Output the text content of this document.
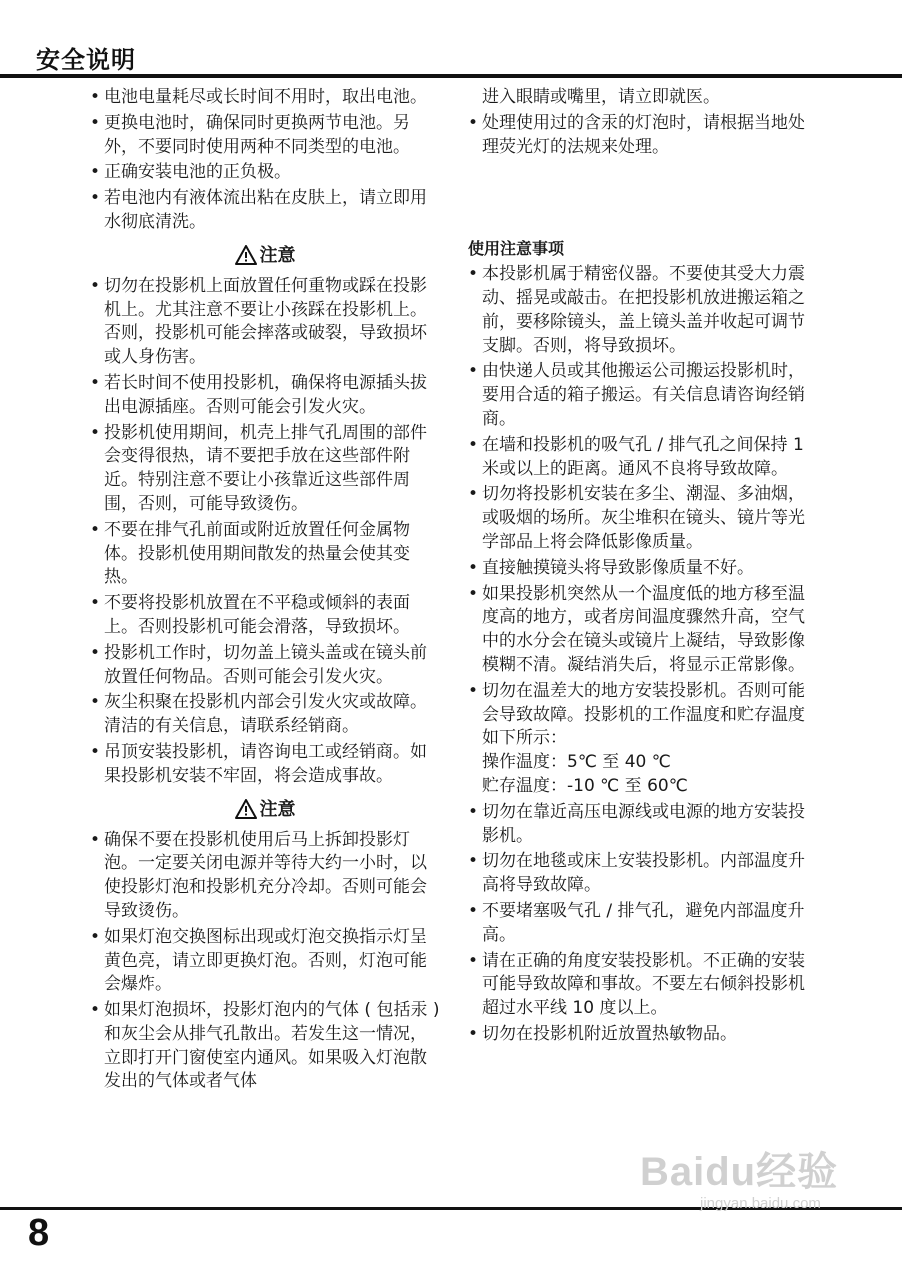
安全说明
• 电池电量耗尽或长时间不用时，取出电池。
• 更换电池时，确保同时更换两节电池。另外，不要同时使用两种不同类型的电池。
• 正确安装电池的正负极。
• 若电池内有液体流出粘在皮肤上，请立即用水彻底清洗。
注意
• 切勿在投影机上面放置任何重物或踩在投影机上。尤其注意不要让小孩踩在投影机上。否则，投影机可能会摔落或破裂，导致损坏或人身伤害。
• 若长时间不使用投影机，确保将电源插头拔出电源插座。否则可能会引发火灾。
• 投影机使用期间，机壳上排气孔周围的部件会变得很热，请不要把手放在这些部件附近。特别注意不要让小孩靠近这些部件周围，否则，可能导致烫伤。
• 不要在排气孔前面或附近放置任何金属物体。投影机使用期间散发的热量会使其变热。
• 不要将投影机放置在不平稳或倾斜的表面上。否则投影机可能会滑落，导致损坏。
• 投影机工作时，切勿盖上镜头盖或在镜头前放置任何物品。否则可能会引发火灾。
• 灰尘积聚在投影机内部会引发火灾或故障。清洁的有关信息，请联系经销商。
• 吊顶安装投影机，请咨询电工或经销商。如果投影机安装不牢固，将会造成事故。
注意
• 确保不要在投影机使用后马上拆卸投影灯泡。一定要关闭电源并等待大约一小时，以使投影灯泡和投影机充分冷却。否则可能会导致烫伤。
• 如果灯泡交换图标出现或灯泡交换指示灯呈黄色亮，请立即更换灯泡。否则，灯泡可能会爆炸。
• 如果灯泡损坏，投影灯泡内的气体 ( 包括汞 ) 和灰尘会从排气孔散出。若发生这一情况，立即打开门窗使室内通风。如果吸入灯泡散发出的气体或者气体
进入眼睛或嘴里，请立即就医。
• 处理使用过的含汞的灯泡时，请根据当地处理荧光灯的法规来处理。
使用注意事项
• 本投影机属于精密仪器。不要使其受大力震动、摇晃或敲击。在把投影机放进搬运箱之前，要移除镜头，盖上镜头盖并收起可调节支脚。否则，将导致损坏。
• 由快递人员或其他搬运公司搬运投影机时，要用合适的箱子搬运。有关信息请咨询经销商。
• 在墙和投影机的吸气孔 / 排气孔之间保持 1 米或以上的距离。通风不良将导致故障。
• 切勿将投影机安装在多尘、潮湿、多油烟，或吸烟的场所。灰尘堆积在镜头、镜片等光学部品上将会降低影像质量。
• 直接触摸镜头将导致影像质量不好。
• 如果投影机突然从一个温度低的地方移至温度高的地方，或者房间温度骤然升高，空气中的水分会在镜头或镜片上凝结，导致影像模糊不清。凝结消失后，将显示正常影像。
• 切勿在温差大的地方安装投影机。否则可能会导致故障。投影机的工作温度和贮存温度如下所示：
操作温度：5℃ 至 40 ℃
贮存温度：-10 ℃ 至 60℃
• 切勿在靠近高压电源线或电源的地方安装投影机。
• 切勿在地毯或床上安装投影机。内部温度升高将导致故障。
• 不要堵塞吸气孔 / 排气孔，避免内部温度升高。
• 请在正确的角度安装投影机。不正确的安装可能导致故障和事故。不要左右倾斜投影机超过水平线 10 度以上。
• 切勿在投影机附近放置热敏物品。
8
Baidu经验
jingyan.baidu.com
